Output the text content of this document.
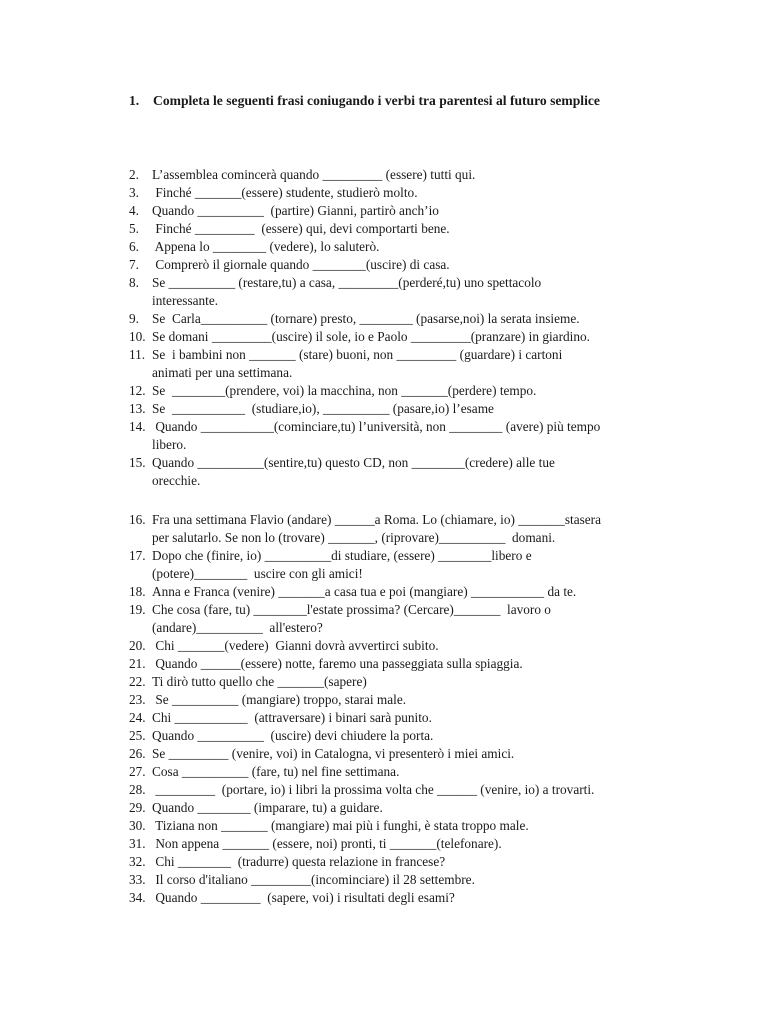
1. Completa le seguenti frasi coniugando i verbi tra parentesi al futuro semplice
2. L’assemblea comincerà quando _________ (essere) tutti qui.
3. Finché _______(essere) studente, studierò molto.
4. Quando __________  (partire) Gianni, partirò anch’io
5. Finché _________  (essere) qui, devi comportarti bene.
6. Appena lo ________ (vedere), lo saluterò.
7. Comprerò il giornale quando ________(uscire) di casa.
8. Se __________ (restare,tu) a casa, _________(perderé,tu) uno spettacolo
interessante.
9. Se  Carla__________ (tornare) presto, ________ (pasarse,noi) la serata insieme.
10. Se domani _________(uscire) il sole, io e Paolo _________(pranzare) in giardino.
11. Se  i bambini non _______ (stare) buoni, non _________ (guardare) i cartoni
animati per una settimana.
12. Se  ________(prendere, voi) la macchina, non _______(perdere) tempo.
13. Se  ___________  (studiare,io), __________ (pasare,io) l’esame
14. Quando ___________(cominciare,tu) l’università, non ________ (avere) più tempo
libero.
15. Quando __________(sentire,tu) questo CD, non ________(credere) alle tue
orecchie.
16. Fra una settimana Flavio (andare) ______a Roma. Lo (chiamare, io) _______stasera
per salutarlo. Se non lo (trovare) _______, (riprovare)__________  domani.
17. Dopo che (finire, io) __________di studiare, (essere) ________libero e
(potere)________  uscire con gli amici!
18. Anna e Franca (venire) _______a casa tua e poi (mangiare) ___________ da te.
19. Che cosa (fare, tu) ________l'estate prossima? (Cercare)_______  lavoro o
(andare)__________  all'estero?
20. Chi _______(vedere)  Gianni dovrà avvertirci subito.
21. Quando ______(essere) notte, faremo una passeggiata sulla spiaggia.
22. Ti dirò tutto quello che _______(sapere)
23. Se __________ (mangiare) troppo, starai male.
24. Chi ___________  (attraversare) i binari sarà punito.
25. Quando __________  (uscire) devi chiudere la porta.
26. Se _________ (venire, voi) in Catalogna, vi presenterò i miei amici.
27. Cosa __________ (fare, tu) nel fine settimana.
28. _________  (portare, io) i libri la prossima volta che ______ (venire, io) a trovarti.
29. Quando ________ (imparare, tu) a guidare.
30. Tiziana non _______ (mangiare) mai più i funghi, è stata troppo male.
31. Non appena _______ (essere, noi) pronti, ti _______(telefonare).
32. Chi ________  (tradurre) questa relazione in francese?
33. Il corso d'italiano _________(incominciare) il 28 settembre.
34. Quando _________  (sapere, voi) i risultati degli esami?
